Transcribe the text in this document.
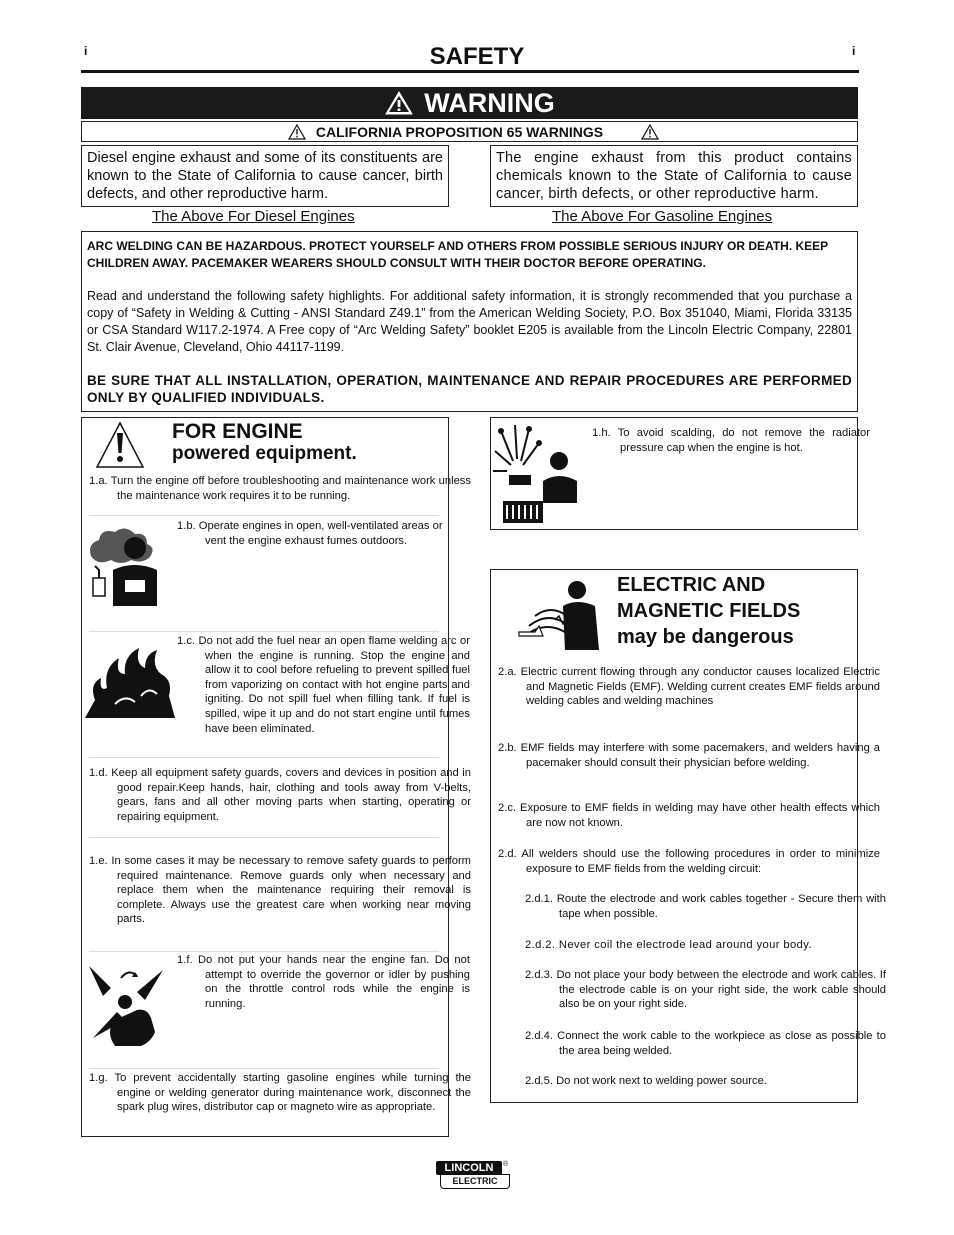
i	i
SAFETY
WARNING
CALIFORNIA PROPOSITION 65 WARNINGS
Diesel engine exhaust and some of its constituents are known to the State of California to cause cancer, birth defects, and other reproductive harm.
The engine exhaust from this product contains chemicals known to the State of California to cause cancer, birth defects, or other reproductive harm.
The Above For Diesel Engines	The Above For Gasoline Engines

ARC WELDING CAN BE HAZARDOUS. PROTECT YOURSELF AND OTHERS FROM POSSIBLE SERIOUS INJURY OR DEATH. KEEP CHILDREN AWAY. PACEMAKER WEARERS SHOULD CONSULT WITH THEIR DOCTOR BEFORE OPERATING.

Read and understand the following safety highlights. For additional safety information, it is strongly recommended that you purchase a copy of “Safety in Welding & Cutting - ANSI Standard Z49.1” from the American Welding Society, P.O. Box 351040, Miami, Florida 33135 or CSA Standard W117.2-1974. A Free copy of “Arc Welding Safety” booklet E205 is available from the Lincoln Electric Company, 22801 St. Clair Avenue, Cleveland, Ohio 44117-1199.

BE SURE THAT ALL INSTALLATION, OPERATION, MAINTENANCE AND REPAIR PROCEDURES ARE PERFORMED ONLY BY QUALIFIED INDIVIDUALS.

FOR ENGINE
powered equipment.
1.a. Turn the engine off before troubleshooting and maintenance work unless the maintenance work requires it to be running.
1.b. Operate engines in open, well-ventilated areas or vent the engine exhaust fumes outdoors.
1.c. Do not add the fuel near an open flame welding arc or when the engine is running. Stop the engine and allow it to cool before refueling to prevent spilled fuel from vaporizing on contact with hot engine parts and igniting. Do not spill fuel when filling tank. If fuel is spilled, wipe it up and do not start engine until fumes have been eliminated.
1.d. Keep all equipment safety guards, covers and devices in position and in good repair.Keep hands, hair, clothing and tools away from V-belts, gears, fans and all other moving parts when starting, operating or repairing equipment.
1.e. In some cases it may be necessary to remove safety guards to perform required maintenance. Remove guards only when necessary and replace them when the maintenance requiring their removal is complete. Always use the greatest care when working near moving parts.
1.f. Do not put your hands near the engine fan. Do not attempt to override the governor or idler by pushing on the throttle control rods while the engine is running.
1.g. To prevent accidentally starting gasoline engines while turning the engine or welding generator during maintenance work, disconnect the spark plug wires, distributor cap or magneto wire as appropriate.
1.h. To avoid scalding, do not remove the radiator pressure cap when the engine is hot.
ELECTRIC AND
MAGNETIC FIELDS
may be dangerous
2.a. Electric current flowing through any conductor causes localized Electric and Magnetic Fields (EMF). Welding current creates EMF fields around welding cables and welding machines
2.b. EMF fields may interfere with some pacemakers, and welders having a pacemaker should consult their physician before welding.
2.c. Exposure to EMF fields in welding may have other health effects which are now not known.
2.d. All welders should use the following procedures in order to minimize exposure to EMF fields from the welding circuit:
2.d.1. Route the electrode and work cables together - Secure them with tape when possible.
2.d.2. Never coil the electrode lead around your body.
2.d.3. Do not place your body between the electrode and work cables. If the electrode cable is on your right side, the work cable should also be on your right side.
2.d.4. Connect the work cable to the workpiece as close as possible to the area being welded.
2.d.5. Do not work next to welding power source.
LINCOLN	®
ELECTRIC
